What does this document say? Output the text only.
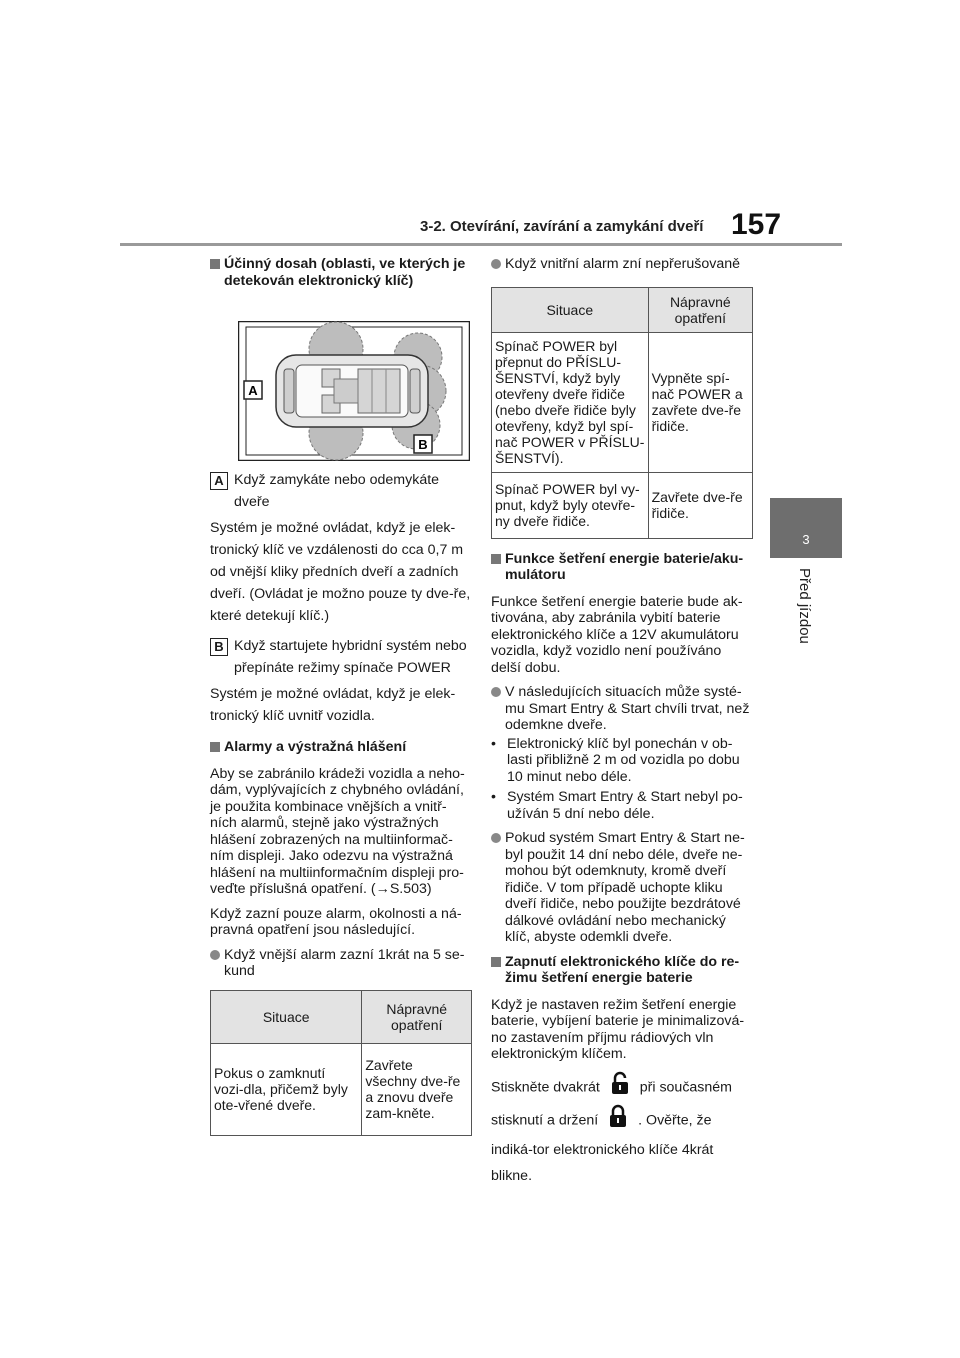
3-2. Otevírání, zavírání a zamykání dveří 157
3
Před jízdou
Účinný dosah (oblasti, ve kterých je detekován elektronický klíč)
A
B
A Když zamykáte nebo odemykáte dveře

Systém je možné ovládat, když je elek-tronický klíč ve vzdálenosti do cca 0,7 m od vnější kliky předních dveří a zadních dveří. (Ovládat je možno pouze ty dve-ře, které detekují klíč.)

B Když startujete hybridní systém nebo přepínáte režimy spínače POWER

Systém je možné ovládat, když je elek-tronický klíč uvnitř vozidla.

Alarmy a výstražná hlášení

Aby se zabránilo krádeži vozidla a neho-dám, vyplývajících z chybného ovládání, je použita kombinace vnějších a vnitř-ních alarmů, stejně jako výstražných hlášení zobrazených na multiinformač-ním displeji. Jako odezvu na výstražná hlášení na multiinformačním displeji pro-veďte příslušná opatření. (→S.503)

Když zazní pouze alarm, okolnosti a ná-pravná opatření jsou následující.

Když vnější alarm zazní 1krát na 5 se-kund
Situace	Nápravné opatření
Pokus o zamknutí vozi-dla, přičemž byly ote-vřené dveře.	Zavřete všechny dve-ře a znovu dveře zam-kněte.
Když vnitřní alarm zní nepřerušovaně
Situace	Nápravné opatření
Spínač POWER byl přepnut do PŘÍSLU-ŠENSTVÍ, když byly otevřeny dveře řidiče (nebo dveře řidiče byly otevřeny, když byl spí-nač POWER v PŘÍSLU-ŠENSTVÍ).	Vypněte spí-nač POWER a zavřete dve-ře řidiče.
Spínač POWER byl vy-pnut, když byly otevře-ny dveře řidiče.	Zavřete dve-ře řidiče.
Funkce šetření energie baterie/aku-mulátoru

Funkce šetření energie baterie bude ak-tivována, aby zabránila vybití baterie elektronického klíče a 12V akumulátoru vozidla, když vozidlo není používáno delší dobu.

V následujících situacích může systé-mu Smart Entry & Start chvíli trvat, než odemkne dveře.
• Elektronický klíč byl ponechán v ob-lasti přibližně 2 m od vozidla po dobu 10 minut nebo déle.
• Systém Smart Entry & Start nebyl po-užíván 5 dní nebo déle.
Pokud systém Smart Entry & Start ne-byl použit 14 dní nebo déle, dveře ne-mohou být odemknuty, kromě dveří řidiče. V tom případě uchopte kliku dveří řidiče, nebo použijte bezdrátové dálkové ovládání nebo mechanický klíč, abyste odemkli dveře.
Zapnutí elektronického klíče do re-žimu šetření energie baterie

Když je nastaven režim šetření energie baterie, vybíjení baterie je minimalizová-no zastavením příjmu rádiových vln elektronickým klíčem.

Stiskněte dvakrát	při současném stisknutí a držení	. Ověřte, že indiká-tor elektronického klíče 4krát blikne.
